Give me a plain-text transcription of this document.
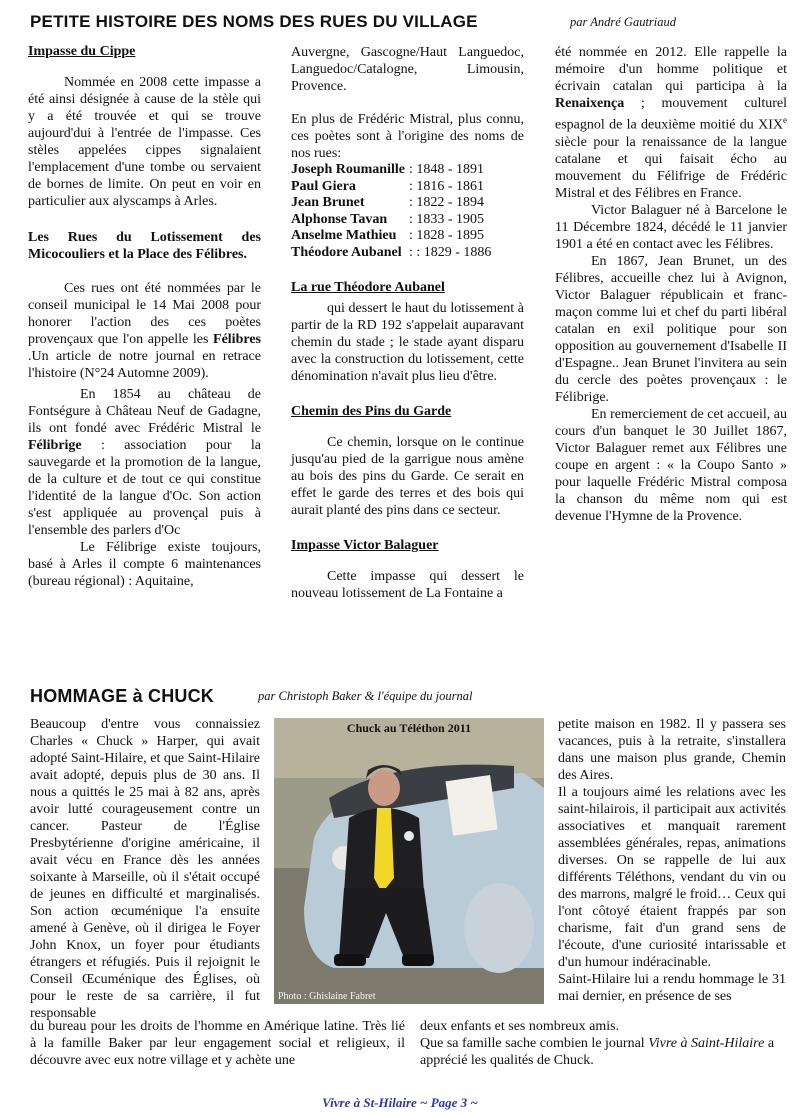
PETITE HISTOIRE DES NOMS DES RUES DU VILLAGE	par André Gautriaud
Impasse du Cippe
Nommée en 2008 cette impasse a été ainsi désignée à cause de la stèle qui y a été trouvée et qui se trouve aujourd'dui à l'entrée de l'impasse. Ces stèles appelées cippes signalaient l'emplacement d'une tombe ou servaient de bornes de limite. On peut en voir en particulier aux alyscamps à Arles.
Les Rues du Lotissement des Micocouliers et la Place des Félibres.
Ces rues ont été nommées par le conseil municipal le 14 Mai 2008 pour honorer l'action des ces poètes provençaux que l'on appelle les Félibres .Un article de notre journal en retrace l'histoire (N°24 Automne 2009).
En 1854 au château de Fontségure à Château Neuf de Gadagne, ils ont fondé avec Frédéric Mistral le Félibrige : association pour la sauvegarde et la promotion de la langue, de la culture et de tout ce qui constitue l'identité de la langue d'Oc. Son action s'est appliquée au provençal puis à l'ensemble des parlers d'Oc
Le Félibrige existe toujours, basé à Arles il compte 6 maintenances (bureau régional) : Aquitaine,
Auvergne, Gascogne/Haut Languedoc, Languedoc/Catalogne, Limousin, Provence.
En plus de Frédéric Mistral, plus connu, ces poètes sont à l'origine des noms de nos rues:
Joseph Roumanille	: 1848 - 1891
Paul Giera	: 1816 - 1861
Jean Brunet	: 1822 - 1894
Alphonse Tavan	: 1833 - 1905
Anselme Mathieu	: 1828 - 1895
Théodore Aubanel	: : 1829 - 1886
La rue Théodore Aubanel
qui dessert le haut du lotissement à partir de la RD 192 s'appelait auparavant chemin du stade ; le stade ayant disparu avec la construction du lotissement, cette dénomination n'avait plus lieu d'être.
Chemin des Pins du Garde
Ce chemin, lorsque on le continue jusqu'au pied de la garrigue nous amène au bois des pins du Garde. Ce serait en effet le garde des terres et des bois qui aurait planté des pins dans ce secteur.
Impasse Victor Balaguer
Cette impasse qui dessert le nouveau lotissement de La Fontaine a
été nommée en 2012. Elle rappelle la mémoire d'un homme politique et écrivain catalan qui participa à la Renaixença ; mouvement culturel espagnol de la deuxième moitié du XIXe siècle pour la renaissance de la langue catalane et qui faisait écho au mouvement du Félifrige de Frédéric Mistral et des Félibres en France.
Victor Balaguer né à Barcelone le 11 Décembre 1824, décédé le 11 janvier 1901 a été en contact avec les Félibres.
En 1867, Jean Brunet, un des Félibres, accueille chez lui à Avignon, Victor Balaguer républicain et franc-maçon comme lui et chef du parti libéral catalan en exil politique pour son opposition au gouvernement d'Isabelle II d'Espagne.. Jean Brunet l'invitera au sein du cercle des poètes provençaux : le Félibrige.
En remerciement de cet accueil, au cours d'un banquet le 30 Juillet 1867, Victor Balaguer remet aux Félibres une coupe en argent : « la Coupo Santo » pour laquelle Frédéric Mistral composa la chanson du même nom qui est devenue l'Hymne de la Provence.
HOMMAGE à CHUCK	par Christoph Baker & l'équipe du journal
Beaucoup d'entre vous connaissiez Charles « Chuck » Harper, qui avait adopté Saint-Hilaire, et que Saint-Hilaire avait adopté, depuis plus de 30 ans. Il nous a quittés le 25 mai à 82 ans, après avoir lutté courageusement contre un cancer. Pasteur de l'Église Presbytérienne d'origine américaine, il avait vécu en France dès les années soixante à Marseille, où il s'était occupé de jeunes en difficulté et marginalisés. Son action œcuménique l'a ensuite amené à Genève, où il dirigea le Foyer John Knox, un foyer pour étudiants étrangers et réfugiés. Puis il rejoignit le Conseil Œcuménique des Églises, où pour le reste de sa carrière, il fut responsable
Chuck au Téléthon 2011
Photo : Ghislaine Fabret
petite maison en 1982. Il y passera ses vacances, puis à la retraite, s'installera dans une maison plus grande, Chemin des Aires.
Il a toujours aimé les relations avec les saint-hilairois, il participait aux activités associatives et manquait rarement assemblées générales, repas, animations diverses. On se rappelle de lui aux différents Téléthons, vendant du vin ou des marrons, malgré le froid… Ceux qui l'ont côtoyé étaient frappés par son charisme, fait d'un grand sens de l'écoute, d'une curiosité intarissable et d'un humour indéracinable.
Saint-Hilaire lui a rendu hommage le 31 mai dernier, en présence de ses
du bureau pour les droits de l'homme en Amérique latine. Très lié à la famille Baker par leur engagement social et religieux, il découvre avec eux notre village et y achète une
deux enfants et ses nombreux amis.
Que sa famille sache combien le journal Vivre à Saint-Hilaire a apprécié les qualités de Chuck.
Vivre à St-Hilaire ~ Page 3 ~
